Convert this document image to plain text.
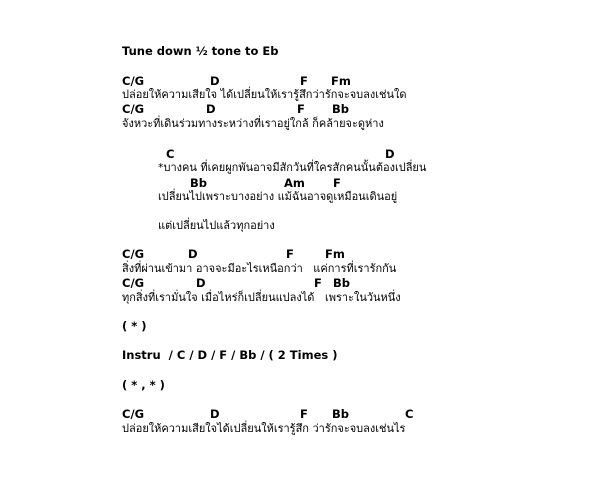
Tune down ½ tone to Eb
C/G	D	F Fm
ปล่อยให้ความเสียใจ ได้เปลี่ยนให้เรารู้สึกว่ารักจะจบลงเช่นใด
C/G	D	F Bb
จังหวะที่เดินร่วมทางระหว่างที่เราอยู่ใกล้ ก็คล้ายจะดูห่าง
C	D
*บางคน ที่เคยผูกพันอาจมีสักวันที่ใครสักคนนั้นต้องเปลี่ยน
Bb	Am F
เปลี่ยนไปเพราะบางอย่าง แม้ฉันอาจดูเหมือนเดินอยู่
แต่เปลี่ยนไปแล้วทุกอย่าง
C/G	D	F	Fm
สิ่งที่ผ่านเข้ามา อาจจะมีอะไรเหนือกว่า   แค่การที่เรารักกัน
C/G	D	F Bb
ทุกสิ่งที่เรามั่นใจ เมื่อไหร่ก็เปลี่ยนแปลงได้   เพราะในวันหนึ่ง
( * )
Instru  / C / D / F / Bb / ( 2 Times )
( * , * )
C/G	D	F Bb	C
ปล่อยให้ความเสียใจได้เปลี่ยนให้เรารู้สึก ว่ารักจะจบลงเช่นไร
